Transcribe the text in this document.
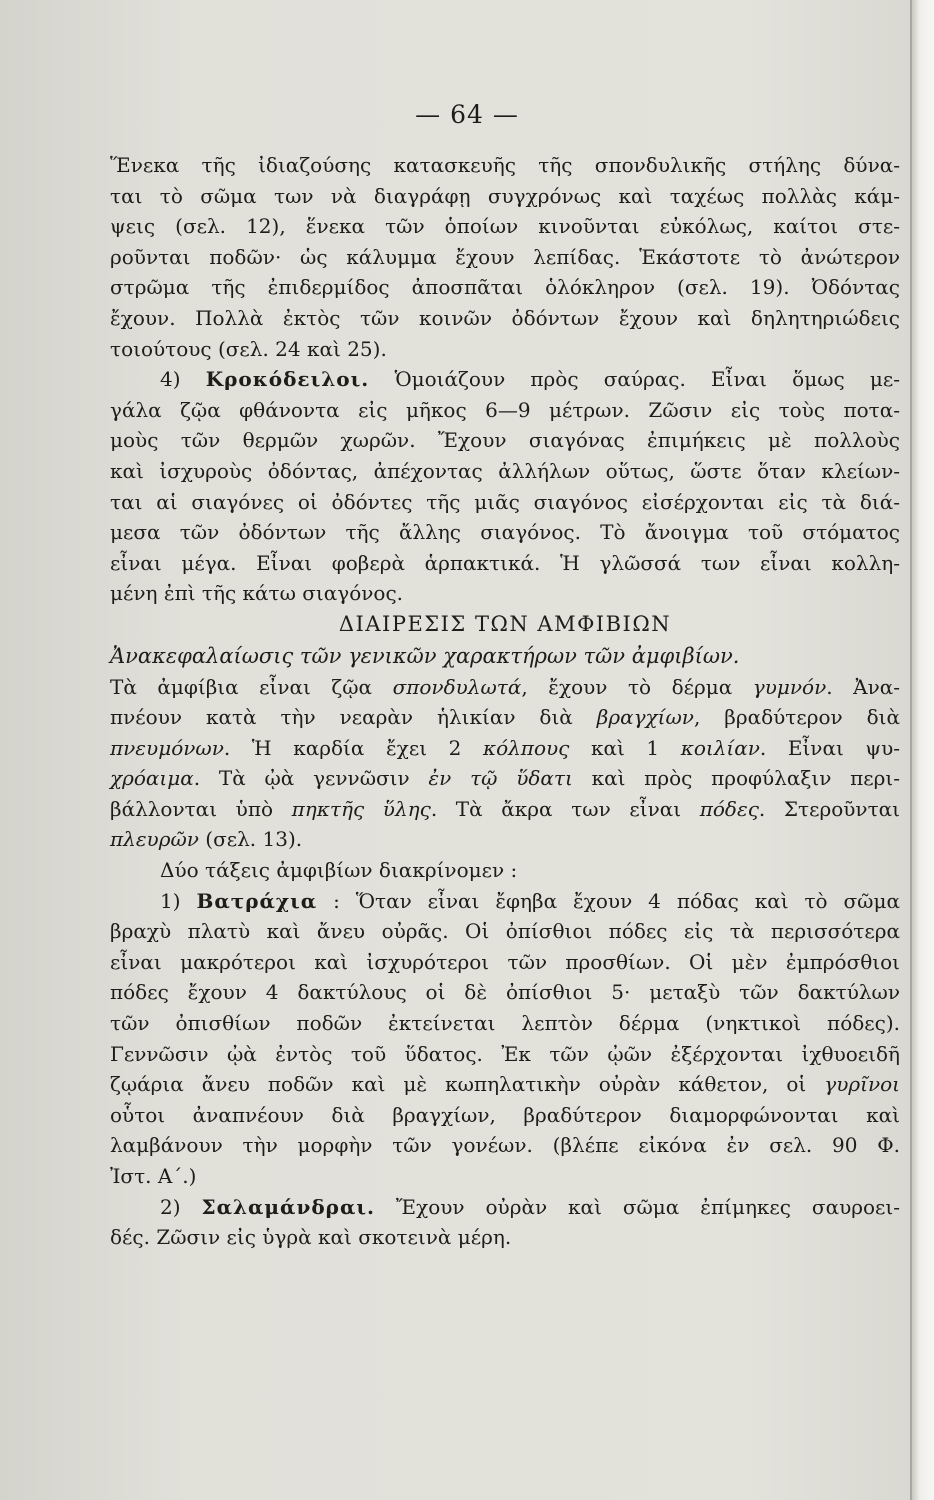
— 64 —
Ἕνεκα τῆς ἰδιαζούσης κατασκευῆς τῆς σπονδυλικῆς στήλης δύνα-
ται τὸ σῶμα των νὰ διαγράφῃ συγχρόνως καὶ ταχέως πολλὰς κάμ-
ψεις (σελ. 12), ἕνεκα τῶν ὁποίων κινοῦνται εὐκόλως, καίτοι στε-
ροῦνται ποδῶν· ὡς κάλυμμα ἔχουν λεπίδας. Ἑκάστοτε τὸ ἀνώτερον
στρῶμα τῆς ἐπιδερμίδος ἀποσπᾶται ὁλόκληρον (σελ. 19). Ὀδόντας
ἔχουν. Πολλὰ ἐκτὸς τῶν κοινῶν ὀδόντων ἔχουν καὶ δηλητηριώδεις
τοιούτους (σελ. 24 καὶ 25).
4) Κροκόδειλοι. Ὁμοιάζουν πρὸς σαύρας. Εἶναι ὅμως με-
γάλα ζῷα φθάνοντα εἰς μῆκος 6—9 μέτρων. Ζῶσιν εἰς τοὺς ποτα-
μοὺς τῶν θερμῶν χωρῶν. Ἔχουν σιαγόνας ἐπιμήκεις μὲ πολλοὺς
καὶ ἰσχυροὺς ὀδόντας, ἀπέχοντας ἀλλήλων οὕτως, ὥστε ὅταν κλείων-
ται αἱ σιαγόνες οἱ ὀδόντες τῆς μιᾶς σιαγόνος εἰσέρχονται εἰς τὰ διά-
μεσα τῶν ὀδόντων τῆς ἄλλης σιαγόνος. Τὸ ἄνοιγμα τοῦ στόματος
εἶναι μέγα. Εἶναι φοβερὰ ἁρπακτικά. Ἡ γλῶσσά των εἶναι κολλη-
μένη ἐπὶ τῆς κάτω σιαγόνος.
ΔΙΑΙΡΕΣΙΣ ΤΩΝ ΑΜΦΙΒΙΩΝ
Ἀνακεφαλαίωσις τῶν γενικῶν χαρακτήρων τῶν ἀμφιβίων.
Τὰ ἀμφίβια εἶναι ζῷα σπονδυλωτά, ἔχουν τὸ δέρμα γυμνόν. Ἀνα-
πνέουν κατὰ τὴν νεαρὰν ἡλικίαν διὰ βραγχίων, βραδύτερον διὰ
πνευμόνων. Ἡ καρδία ἔχει 2 κόλπους καὶ 1 κοιλίαν. Εἶναι ψυ-
χρόαιμα. Τὰ ᾠὰ γεννῶσιν ἐν τῷ ὕδατι καὶ πρὸς προφύλαξιν περι-
βάλλονται ὑπὸ πηκτῆς ὕλης. Τὰ ἄκρα των εἶναι πόδες. Στεροῦνται
πλευρῶν (σελ. 13).
Δύο τάξεις ἀμφιβίων διακρίνομεν :
1) Βατράχια : Ὅταν εἶναι ἔφηβα ἔχουν 4 πόδας καὶ τὸ σῶμα
βραχὺ πλατὺ καὶ ἄνευ οὐρᾶς. Οἱ ὀπίσθιοι πόδες εἰς τὰ περισσότερα
εἶναι μακρότεροι καὶ ἰσχυρότεροι τῶν προσθίων. Οἱ μὲν ἐμπρόσθιοι
πόδες ἔχουν 4 δακτύλους οἱ δὲ ὀπίσθιοι 5· μεταξὺ τῶν δακτύλων
τῶν ὀπισθίων ποδῶν ἐκτείνεται λεπτὸν δέρμα (νηκτικοὶ πόδες).
Γεννῶσιν ᾠὰ ἐντὸς τοῦ ὕδατος. Ἐκ τῶν ᾠῶν ἐξέρχονται ἰχθυοειδῆ
ζῳάρια ἄνευ ποδῶν καὶ μὲ κωπηλατικὴν οὐρὰν κάθετον, οἱ γυρῖνοι
οὗτοι ἀναπνέουν διὰ βραγχίων, βραδύτερον διαμορφώνονται καὶ
λαμβάνουν τὴν μορφὴν τῶν γονέων. (βλέπε εἰκόνα ἐν σελ. 90 Φ.
Ἰστ. Α΄.)
2) Σαλαμάνδραι. Ἔχουν οὐρὰν καὶ σῶμα ἐπίμηκες σαυροει-
δές. Ζῶσιν εἰς ὑγρὰ καὶ σκοτεινὰ μέρη.
